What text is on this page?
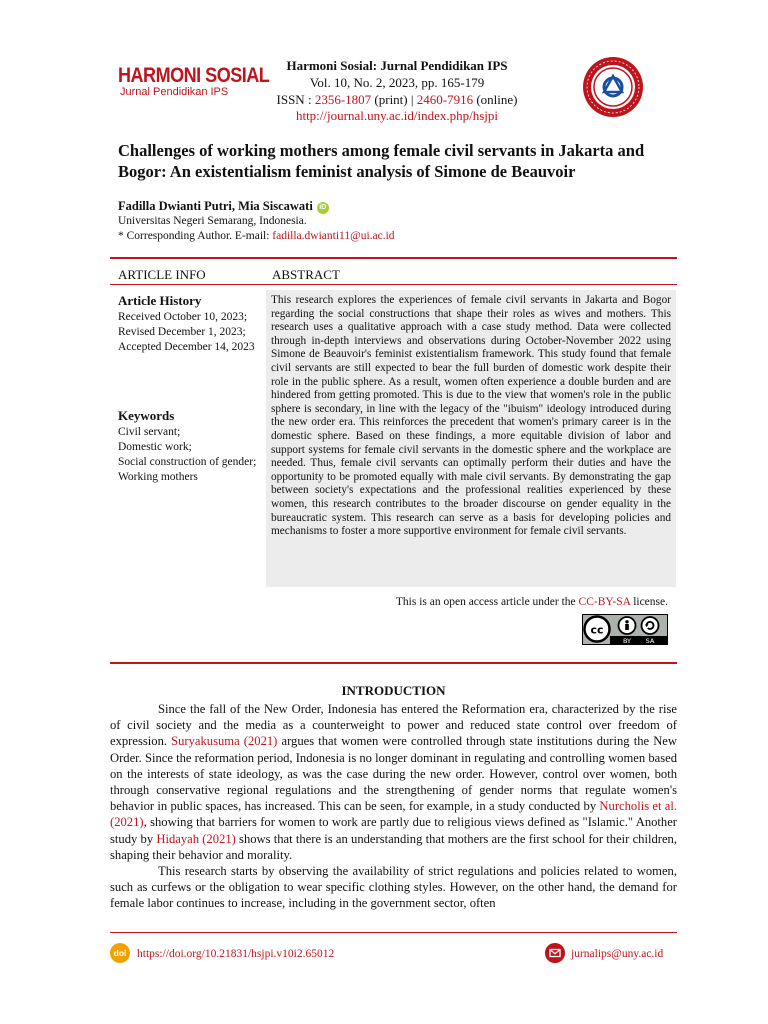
HARMONI SOSIAL
Jurnal Pendidikan IPS
Harmoni Sosial: Jurnal Pendidikan IPS
Vol. 10, No. 2, 2023, pp. 165-179
ISSN : 2356-1807 (print) | 2460-7916 (online)
http://journal.uny.ac.id/index.php/hsjpi
Challenges of working mothers among female civil servants in Jakarta and Bogor: An existentialism feminist analysis of Simone de Beauvoir
Fadilla Dwianti Putri, Mia Siscawati iD
Universitas Negeri Semarang, Indonesia.
* Corresponding Author. E-mail: fadilla.dwianti11@ui.ac.id
ARTICLE INFO	ABSTRACT
Article History
Received October 10, 2023;
Revised December 1, 2023;
Accepted December 14, 2023
Keywords
Civil servant;
Domestic work;
Social construction of gender;
Working mothers
This research explores the experiences of female civil servants in Jakarta and Bogor regarding the social constructions that shape their roles as wives and mothers. This research uses a qualitative approach with a case study method. Data were collected through in-depth interviews and observations during October-November 2022 using Simone de Beauvoir's feminist existentialism framework. This study found that female civil servants are still expected to bear the full burden of domestic work despite their role in the public sphere. As a result, women often experience a double burden and are hindered from getting promoted. This is due to the view that women's role in the public sphere is secondary, in line with the legacy of the "ibuism" ideology introduced during the new order era. This reinforces the precedent that women's primary career is in the domestic sphere. Based on these findings, a more equitable division of labor and support systems for female civil servants in the domestic sphere and the workplace are needed. Thus, female civil servants can optimally perform their duties and have the opportunity to be promoted equally with male civil servants. By demonstrating the gap between society's expectations and the professional realities experienced by these women, this research contributes to the broader discourse on gender equality in the bureaucratic system. This research can serve as a basis for developing policies and mechanisms to foster a more supportive environment for female civil servants.
This is an open access article under the CC-BY-SA license.
cc
BY SA
INTRODUCTION

Since the fall of the New Order, Indonesia has entered the Reformation era, characterized by the rise of civil society and the media as a counterweight to power and reduced state control over freedom of expression. Suryakusuma (2021) argues that women were controlled through state institutions during the New Order. Since the reformation period, Indonesia is no longer dominant in regulating and controlling women based on the interests of state ideology, as was the case during the new order. However, control over women, both through conservative regional regulations and the strengthening of gender norms that regulate women's behavior in public spaces, has increased. This can be seen, for example, in a study conducted by Nurcholis et al. (2021), showing that barriers for women to work are partly due to religious views defined as "Islamic." Another study by Hidayah (2021) shows that there is an understanding that mothers are the first school for their children, shaping their behavior and morality.

This research starts by observing the availability of strict regulations and policies related to women, such as curfews or the obligation to wear specific clothing styles. However, on the other hand, the demand for female labor continues to increase, including in the government sector, often

doi https://doi.org/10.21831/hsjpi.v10i2.65012	jurnalips@uny.ac.id
